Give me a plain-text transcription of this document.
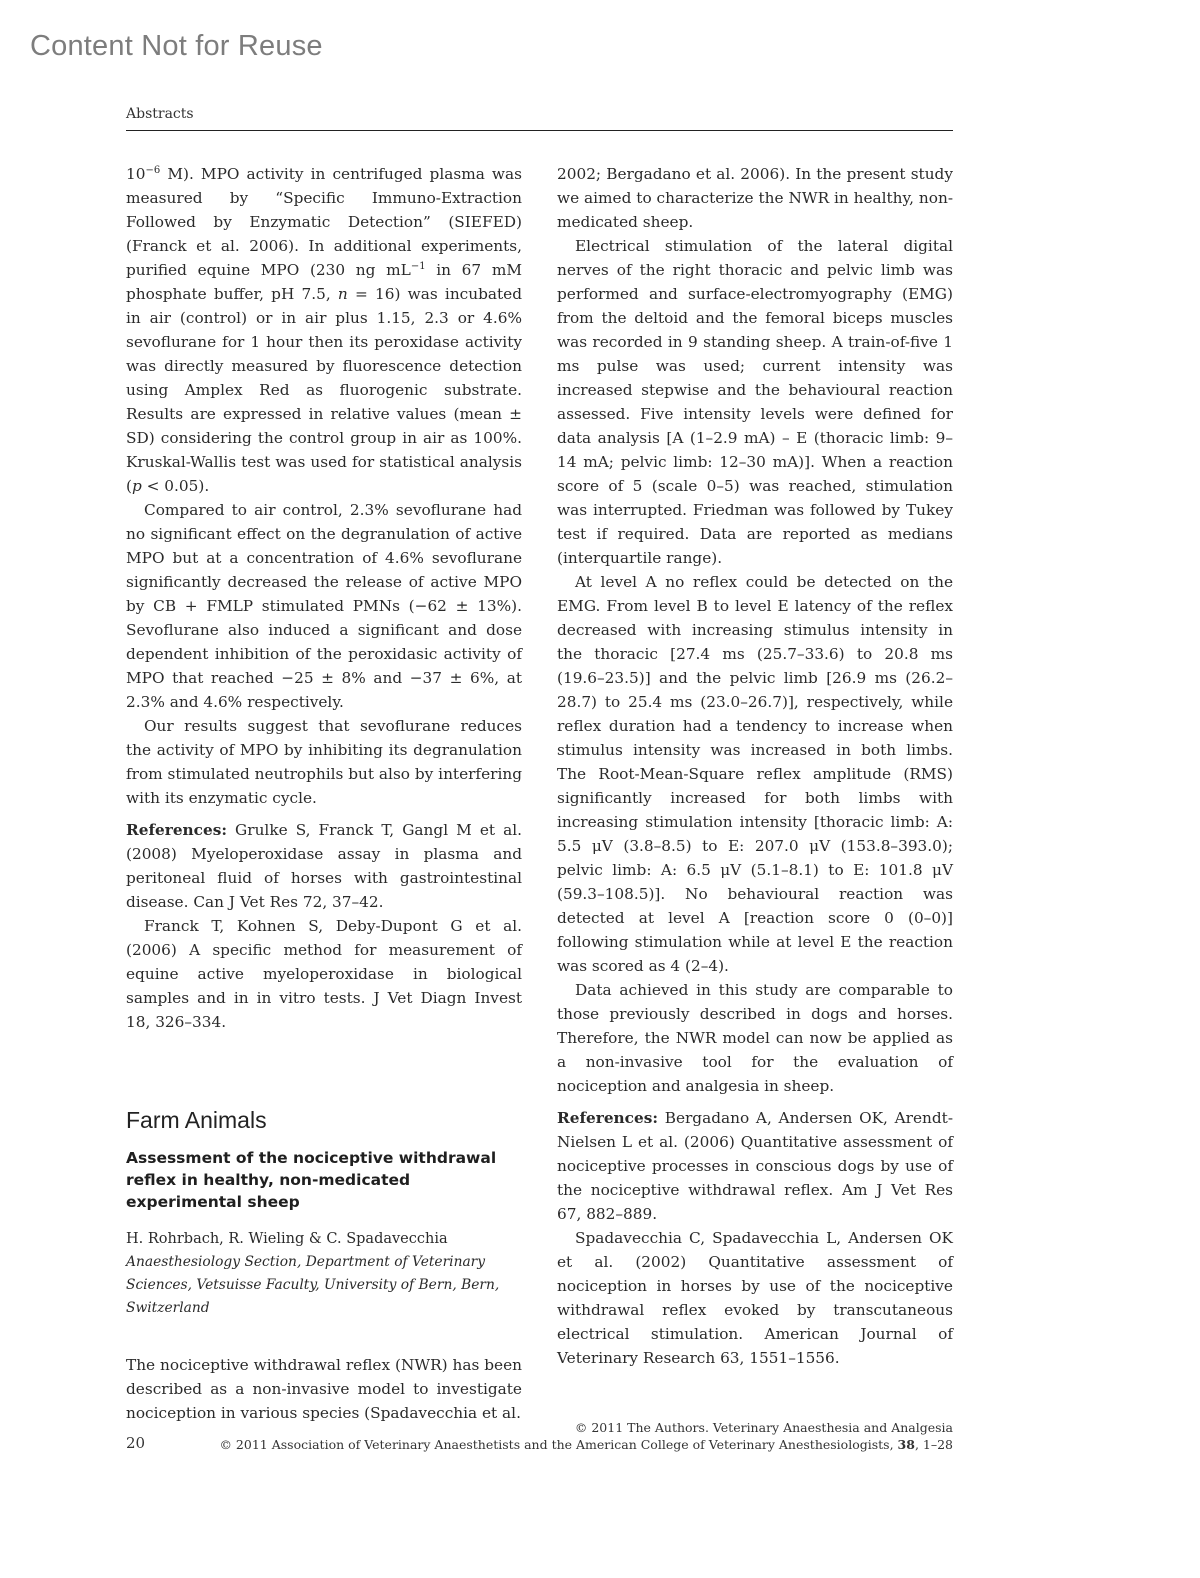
Content Not for Reuse
Abstracts

$10^{-6}$ M). MPO activity in centrifuged plasma was measured by “Specific Immuno-Extraction Followed by Enzymatic Detection” (SIEFED) (Franck et al. 2006). In additional experiments, purified equine MPO (230 ng $mL^{-1}$ in 67 mM phosphate buffer, pH 7.5, n = 16) was incubated in air (control) or in air plus 1.15, 2.3 or 4.6% sevoflurane for 1 hour then its peroxidase activity was directly measured by fluorescence detection using Amplex Red as fluorogenic substrate. Results are expressed in relative values (mean ± SD) considering the control group in air as 100%. Kruskal-Wallis test was used for statistical analysis (p < 0.05).

Compared to air control, 2.3% sevoflurane had no significant effect on the degranulation of active MPO but at a concentration of 4.6% sevoflurane significantly decreased the release of active MPO by CB + FMLP stimulated PMNs (−62 ± 13%). Sevoflurane also induced a significant and dose dependent inhibition of the peroxidasic activity of MPO that reached −25 ± 8% and −37 ± 6%, at 2.3% and 4.6% respectively.

Our results suggest that sevoflurane reduces the activity of MPO by inhibiting its degranulation from stimulated neutrophils but also by interfering with its enzymatic cycle.

References: Grulke S, Franck T, Gangl M et al. (2008) Myeloperoxidase assay in plasma and peritoneal fluid of horses with gastrointestinal disease. Can J Vet Res 72, 37–42.

Franck T, Kohnen S, Deby-Dupont G et al. (2006) A specific method for measurement of equine active myeloperoxidase in biological samples and in in vitro tests. J Vet Diagn Invest 18, 326–334.

Farm Animals
Assessment of the nociceptive withdrawal reflex in healthy, non-medicated experimental sheep
H. Rohrbach, R. Wieling & C. Spadavecchia
Anaesthesiology Section, Department of Veterinary Sciences, Vetsuisse Faculty, University of Bern, Bern, Switzerland

The nociceptive withdrawal reflex (NWR) has been described as a non-invasive model to investigate nociception in various species (Spadavecchia et al.

2002; Bergadano et al. 2006). In the present study we aimed to characterize the NWR in healthy, non-medicated sheep.

Electrical stimulation of the lateral digital nerves of the right thoracic and pelvic limb was performed and surface-electromyography (EMG) from the deltoid and the femoral biceps muscles was recorded in 9 standing sheep. A train-of-five 1 ms pulse was used; current intensity was increased stepwise and the behavioural reaction assessed. Five intensity levels were defined for data analysis [A (1–2.9 mA) – E (thoracic limb: 9–14 mA; pelvic limb: 12–30 mA)]. When a reaction score of 5 (scale 0–5) was reached, stimulation was interrupted. Friedman was followed by Tukey test if required. Data are reported as medians (interquartile range).

At level A no reflex could be detected on the EMG. From level B to level E latency of the reflex decreased with increasing stimulus intensity in the thoracic [27.4 ms (25.7–33.6) to 20.8 ms (19.6–23.5)] and the pelvic limb [26.9 ms (26.2–28.7) to 25.4 ms (23.0–26.7)], respectively, while reflex duration had a tendency to increase when stimulus intensity was increased in both limbs. The Root-Mean-Square reflex amplitude (RMS) significantly increased for both limbs with increasing stimulation intensity [thoracic limb: A: 5.5 μV (3.8–8.5) to E: 207.0 μV (153.8–393.0); pelvic limb: A: 6.5 μV (5.1–8.1) to E: 101.8 μV (59.3–108.5)]. No behavioural reaction was detected at level A [reaction score 0 (0–0)] following stimulation while at level E the reaction was scored as 4 (2–4).

Data achieved in this study are comparable to those previously described in dogs and horses. Therefore, the NWR model can now be applied as a non-invasive tool for the evaluation of nociception and analgesia in sheep.

References: Bergadano A, Andersen OK, Arendt-Nielsen L et al. (2006) Quantitative assessment of nociceptive processes in conscious dogs by use of the nociceptive withdrawal reflex. Am J Vet Res 67, 882–889.

Spadavecchia C, Spadavecchia L, Andersen OK et al. (2002) Quantitative assessment of nociception in horses by use of the nociceptive withdrawal reflex evoked by transcutaneous electrical stimulation. American Journal of Veterinary Research 63, 1551–1556.

20
© 2011 The Authors. Veterinary Anaesthesia and Analgesia
© 2011 Association of Veterinary Anaesthetists and the American College of Veterinary Anesthesiologists, 38, 1–28
